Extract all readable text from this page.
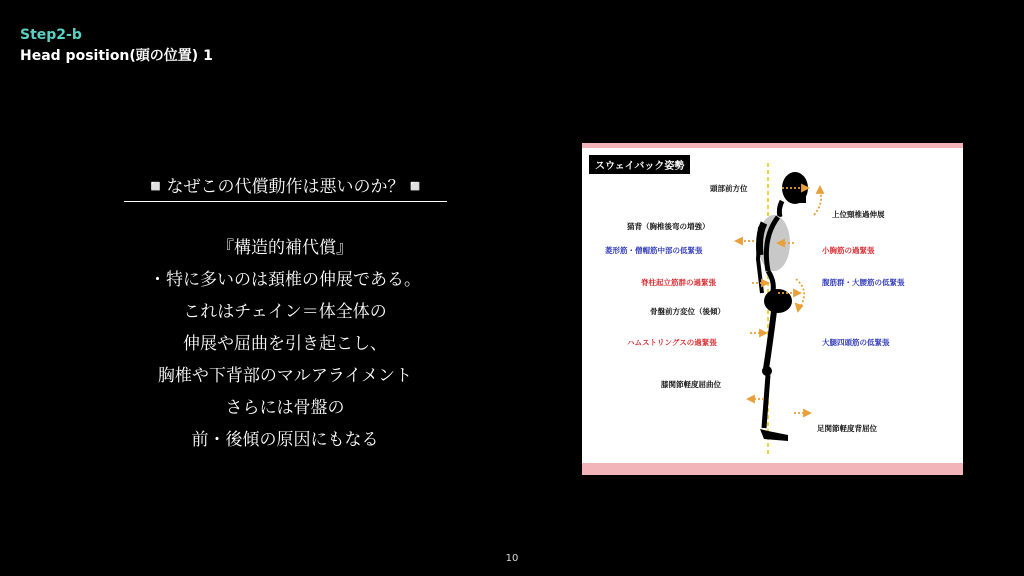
Step2-b
Head position(頭の位置) 1
◽️なぜこの代償動作は悪いのか？◽️
『構造的補代償』
・特に多いのは頚椎の伸展である。
これはチェイン＝体全体の
伸展や屈曲を引き起こし、
胸椎や下背部のマルアライメント
さらには骨盤の
前・後傾の原因にもなる
スウェイバック姿勢
頭部前方位
上位頸椎過伸展
猫背（胸椎後弯の増強）
菱形筋・僧帽筋中部の低緊張	小胸筋の過緊張
脊柱起立筋群の過緊張	腹筋群・大腰筋の低緊張
骨盤前方変位（後傾）
ハムストリングスの過緊張	大腿四頭筋の低緊張
膝関節軽度屈曲位
足関節軽度背屈位
10
